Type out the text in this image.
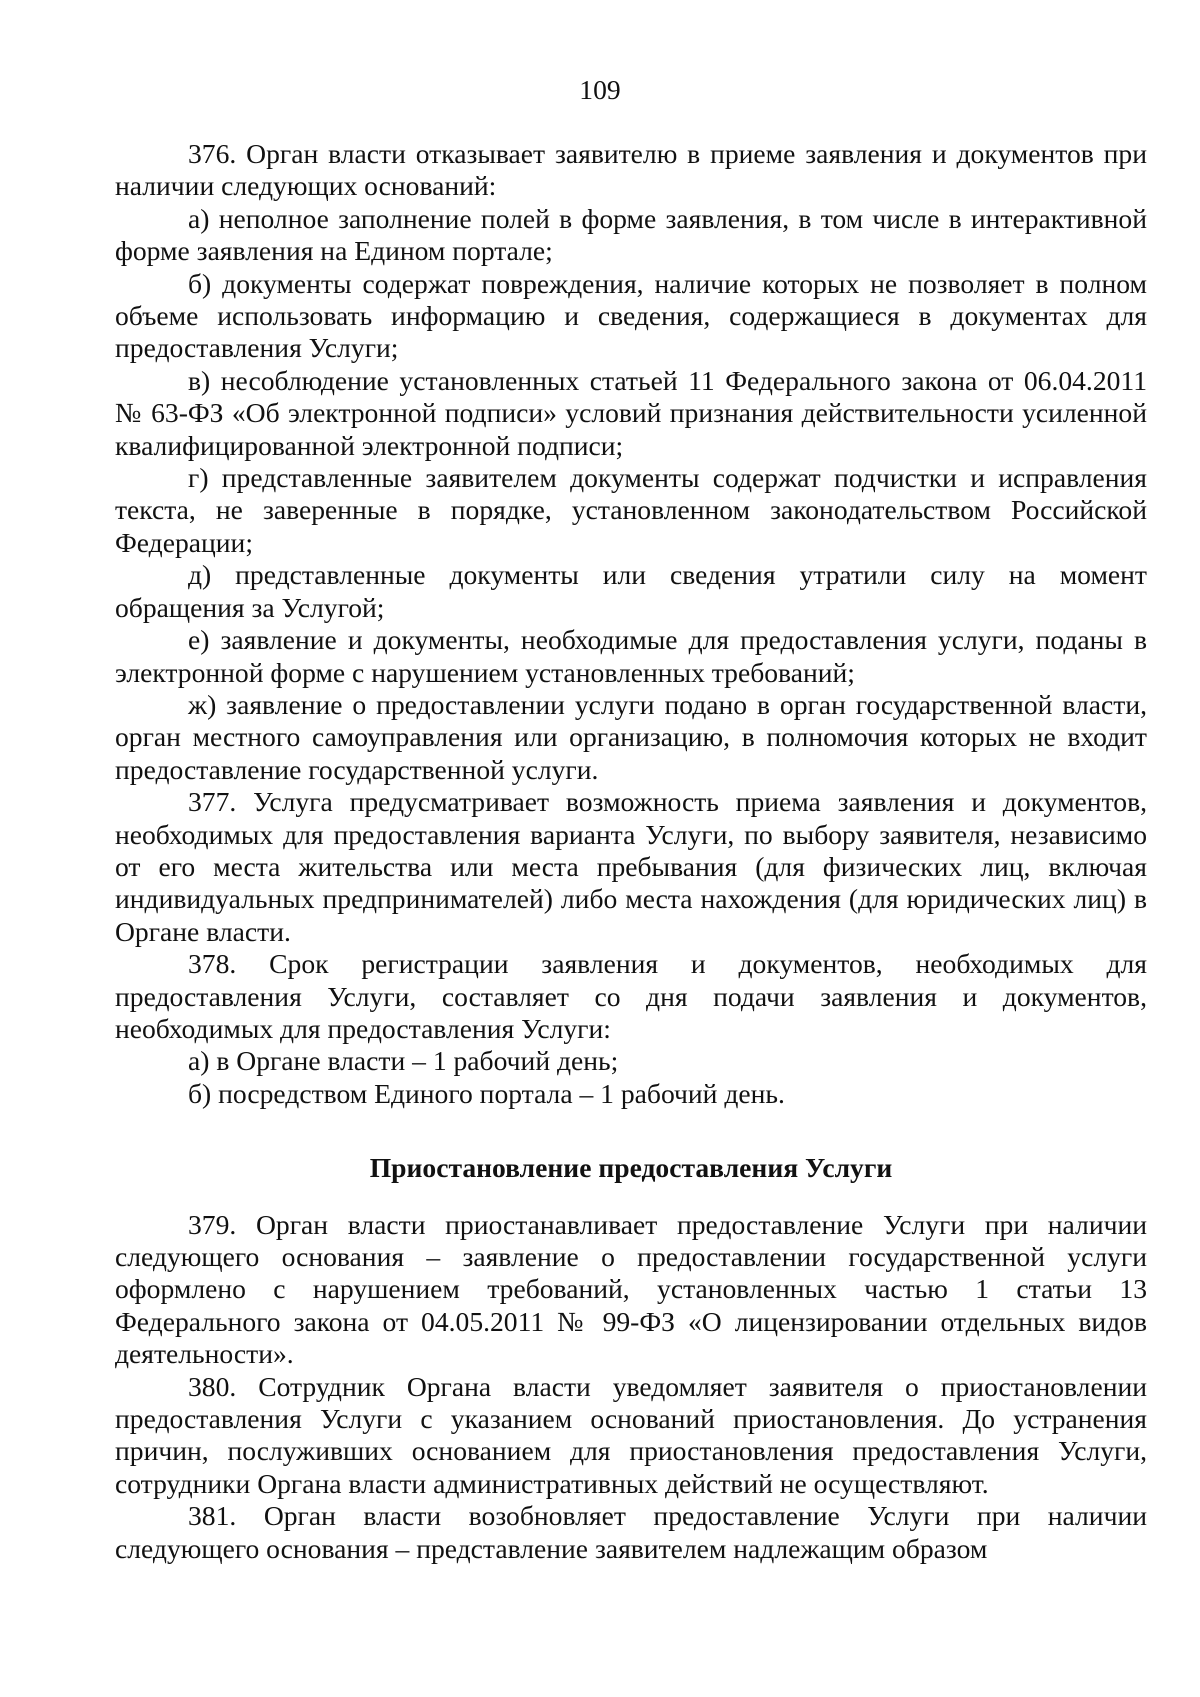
109

376. Орган власти отказывает заявителю в приеме заявления и документов при наличии следующих оснований:

а) неполное заполнение полей в форме заявления, в том числе в интерактивной форме заявления на Едином портале;

б) документы содержат повреждения, наличие которых не позволяет в полном объеме использовать информацию и сведения, содержащиеся в документах для предоставления Услуги;

в) несоблюдение установленных статьей 11 Федерального закона от 06.04.2011 № 63-ФЗ «Об электронной подписи» условий признания действительности усиленной квалифицированной электронной подписи;

г) представленные заявителем документы содержат подчистки и исправления текста, не заверенные в порядке, установленном законодательством Российской Федерации;

д) представленные документы или сведения утратили силу на момент обращения за Услугой;

е) заявление и документы, необходимые для предоставления услуги, поданы в электронной форме с нарушением установленных требований;

ж) заявление о предоставлении услуги подано в орган государственной власти, орган местного самоуправления или организацию, в полномочия которых не входит предоставление государственной услуги.

377. Услуга предусматривает возможность приема заявления и документов, необходимых для предоставления варианта Услуги, по выбору заявителя, независимо от его места жительства или места пребывания (для физических лиц, включая индивидуальных предпринимателей) либо места нахождения (для юридических лиц) в Органе власти.

378. Срок регистрации заявления и документов, необходимых для предоставления Услуги, составляет со дня подачи заявления и документов, необходимых для предоставления Услуги:

а) в Органе власти – 1 рабочий день;

б) посредством Единого портала – 1 рабочий день.

Приостановление предоставления Услуги

379. Орган власти приостанавливает предоставление Услуги при наличии следующего основания – заявление о предоставлении государственной услуги оформлено с нарушением требований, установленных частью 1 статьи 13 Федерального закона от 04.05.2011 № 99-ФЗ «О лицензировании отдельных видов деятельности».

380. Сотрудник Органа власти уведомляет заявителя о приостановлении предоставления Услуги с указанием оснований приостановления. До устранения причин, послуживших основанием для приостановления предоставления Услуги, сотрудники Органа власти административных действий не осуществляют.

381. Орган власти возобновляет предоставление Услуги при наличии следующего основания – представление заявителем надлежащим образом
